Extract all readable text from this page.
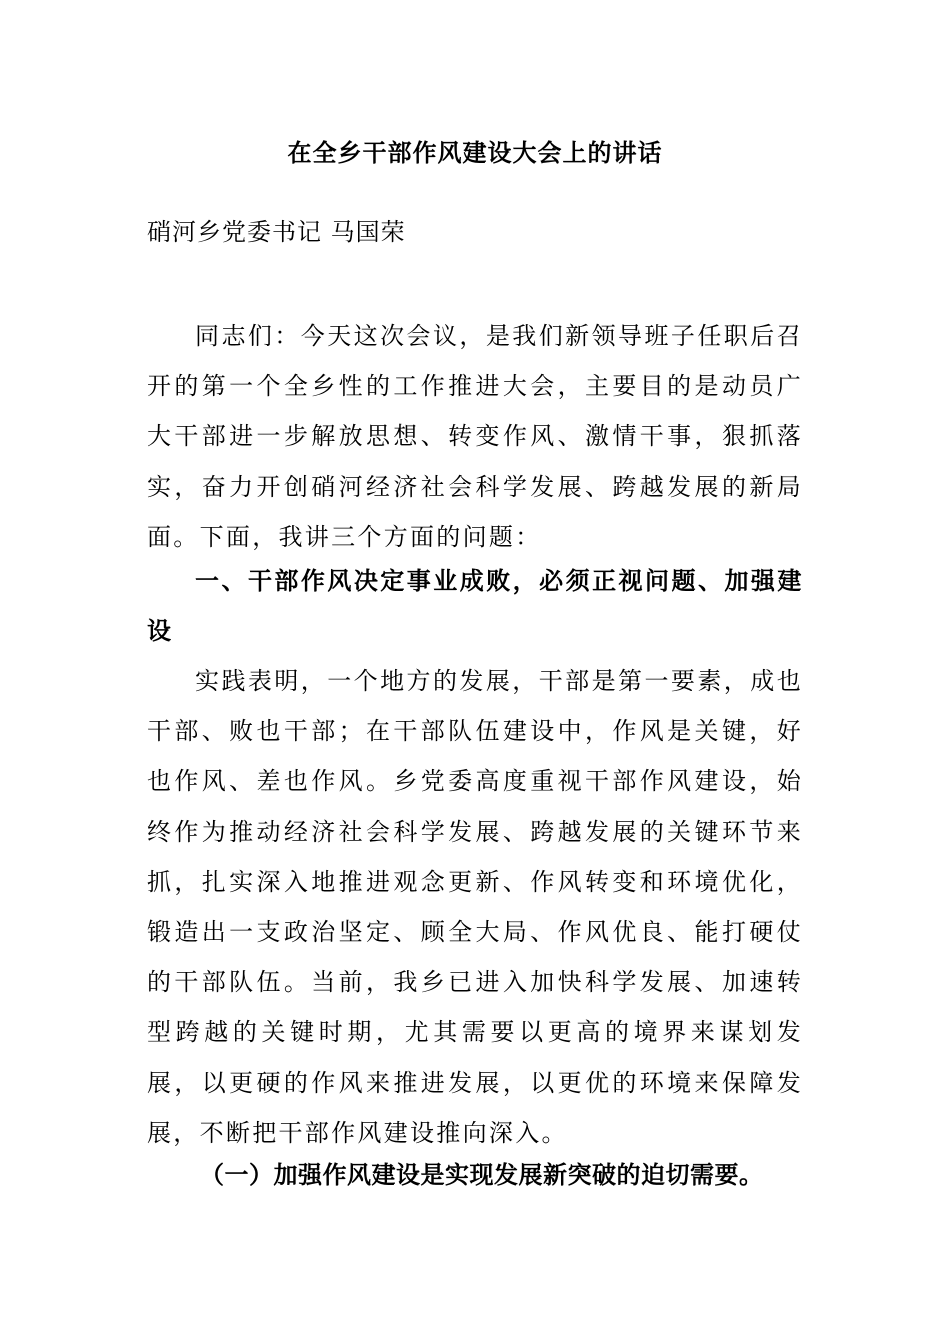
在全乡干部作风建设大会上的讲话
硝河乡党委书记 马国荣
同志们：今天这次会议，是我们新领导班子任职后召开的第一个全乡性的工作推进大会，主要目的是动员广大干部进一步解放思想、转变作风、激情干事，狠抓落实，奋力开创硝河经济社会科学发展、跨越发展的新局面。下面，我讲三个方面的问题：
一、干部作风决定事业成败，必须正视问题、加强建设
实践表明，一个地方的发展，干部是第一要素，成也干部、败也干部；在干部队伍建设中，作风是关键，好也作风、差也作风。乡党委高度重视干部作风建设，始终作为推动经济社会科学发展、跨越发展的关键环节来抓，扎实深入地推进观念更新、作风转变和环境优化，锻造出一支政治坚定、顾全大局、作风优良、能打硬仗的干部队伍。当前，我乡已进入加快科学发展、加速转型跨越的关键时期，尤其需要以更高的境界来谋划发展，以更硬的作风来推进发展，以更优的环境来保障发展，不断把干部作风建设推向深入。
（一）加强作风建设是实现发展新突破的迫切需要。
